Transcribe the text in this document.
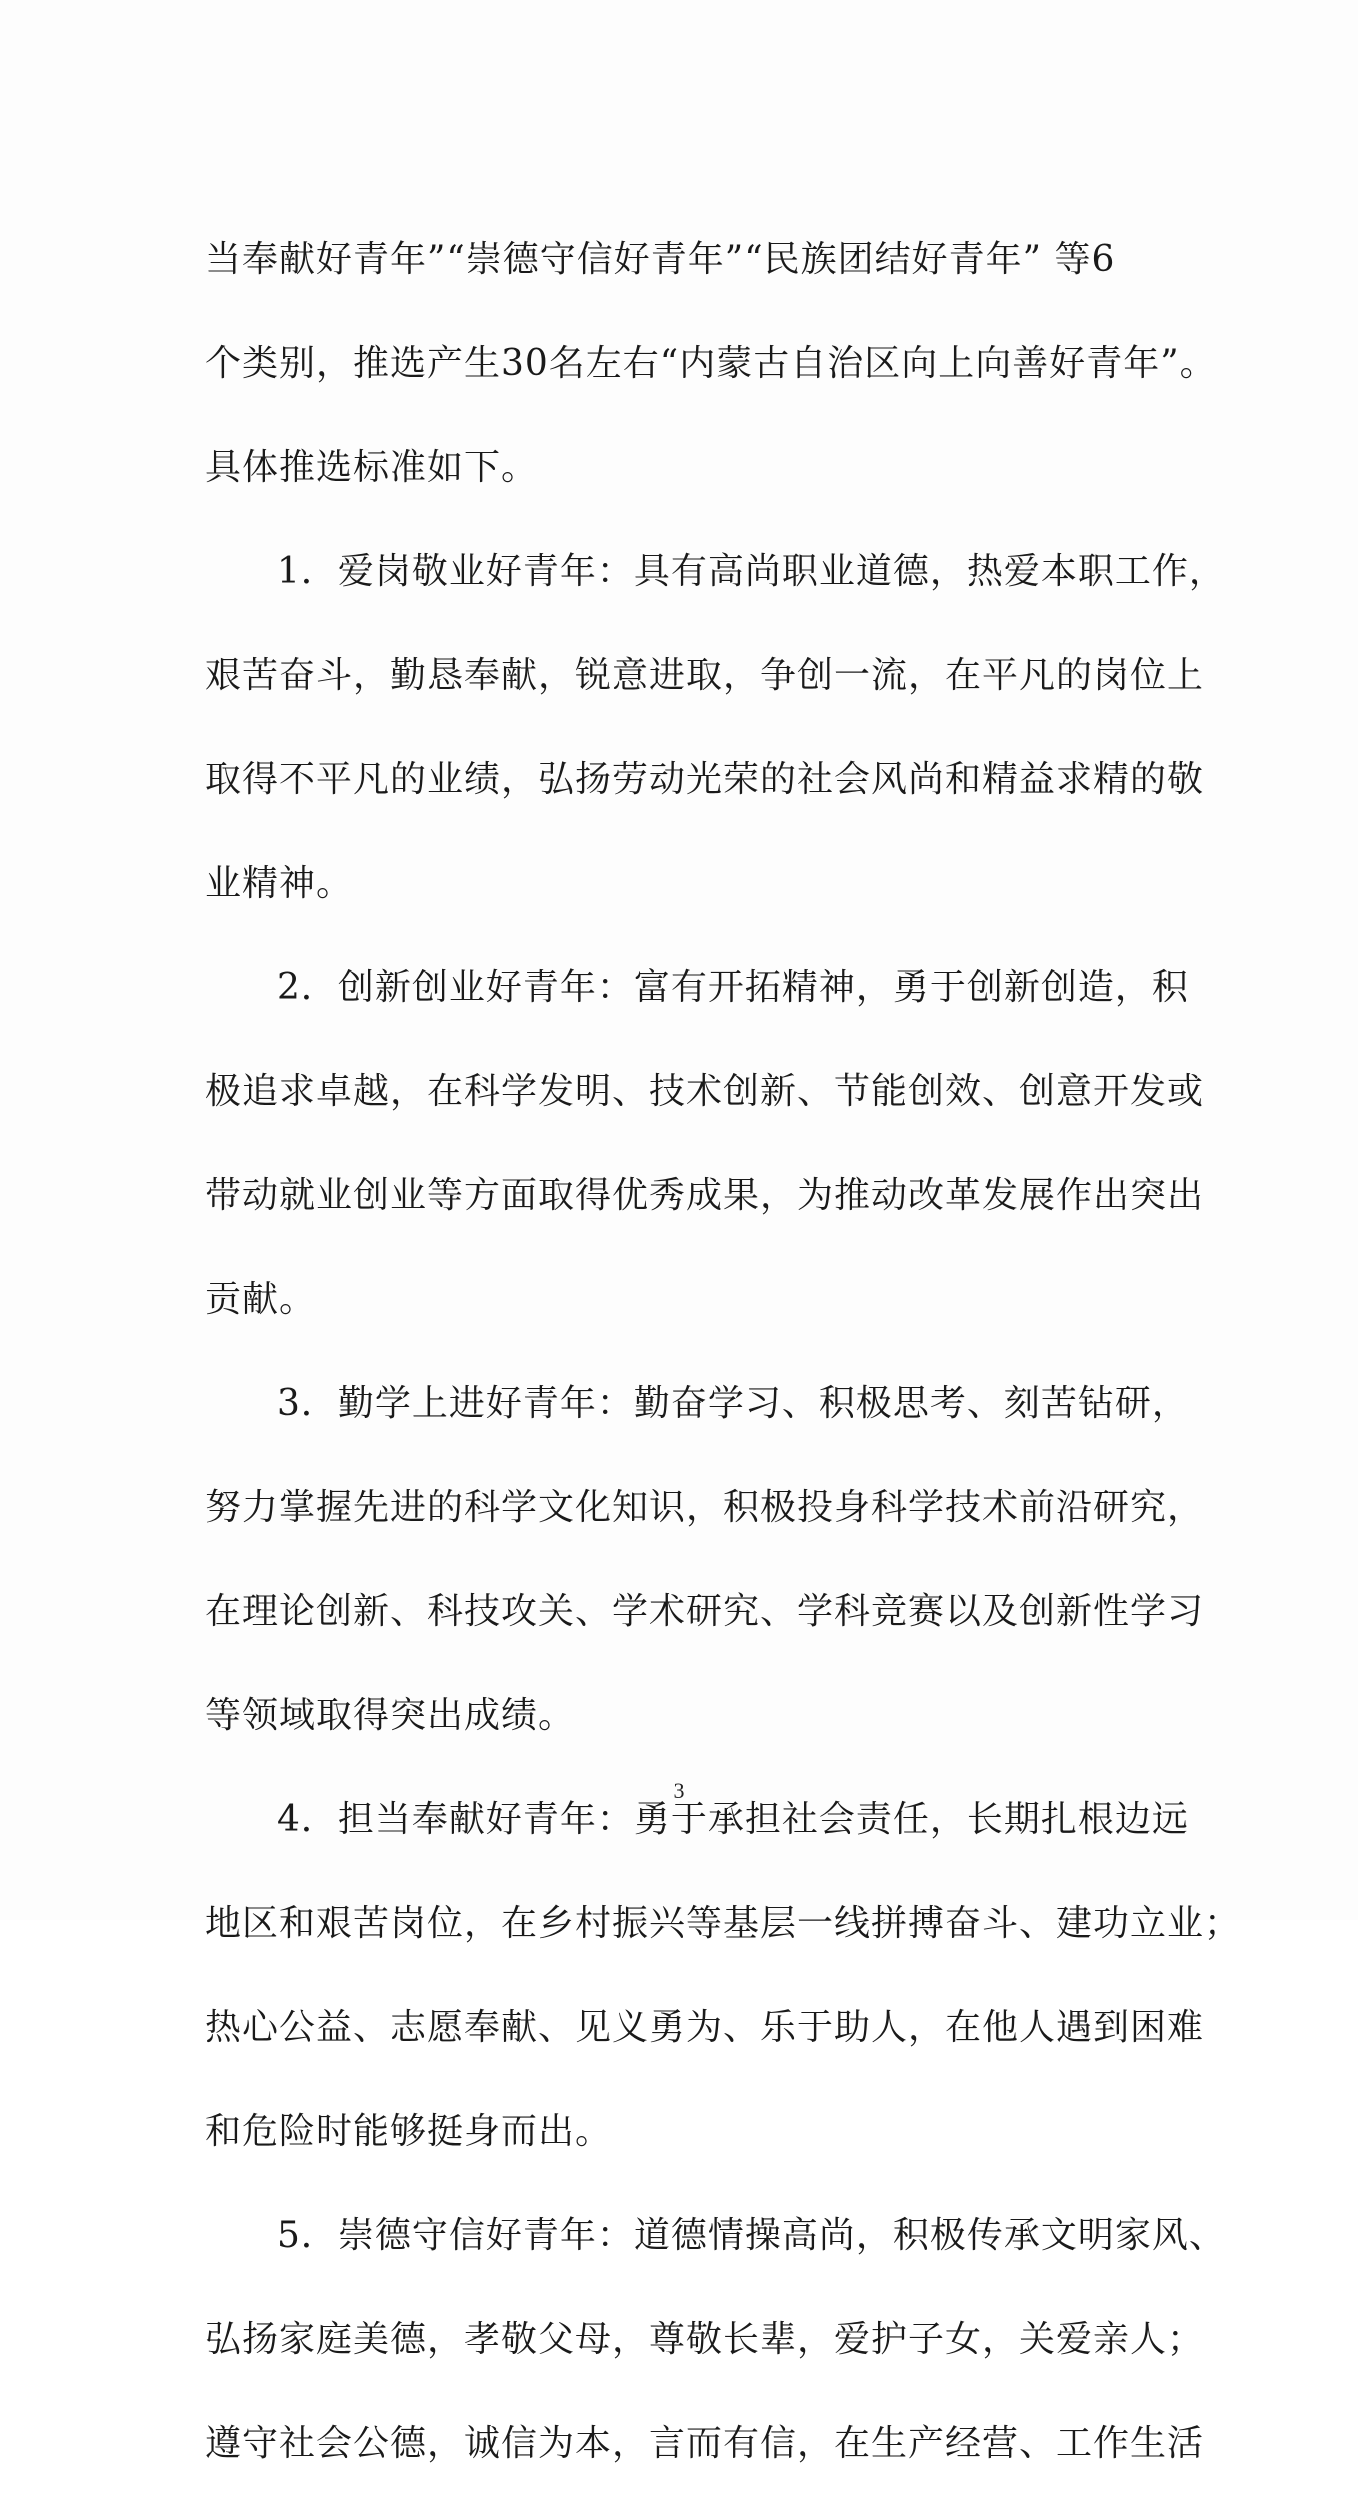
当奉献好青年”“崇德守信好青年”“民族团结好青年” 等6
个类别，推选产生30名左右“内蒙古自治区向上向善好青年”。
具体推选标准如下。
1．爱岗敬业好青年：具有高尚职业道德，热爱本职工作，
艰苦奋斗，勤恳奉献，锐意进取，争创一流，在平凡的岗位上
取得不平凡的业绩，弘扬劳动光荣的社会风尚和精益求精的敬
业精神。
2．创新创业好青年：富有开拓精神，勇于创新创造，积
极追求卓越，在科学发明、技术创新、节能创效、创意开发或
带动就业创业等方面取得优秀成果，为推动改革发展作出突出
贡献。
3．勤学上进好青年：勤奋学习、积极思考、刻苦钻研，
努力掌握先进的科学文化知识，积极投身科学技术前沿研究，
在理论创新、科技攻关、学术研究、学科竞赛以及创新性学习
等领域取得突出成绩。
4．担当奉献好青年：勇于承担社会责任，长期扎根边远
地区和艰苦岗位，在乡村振兴等基层一线拼搏奋斗、建功立业；
热心公益、志愿奉献、见义勇为、乐于助人，在他人遇到困难
和危险时能够挺身而出。
5．崇德守信好青年：道德情操高尚，积极传承文明家风、
弘扬家庭美德，孝敬父母，尊敬长辈，爱护子女，关爱亲人；
遵守社会公德，诚信为本，言而有信，在生产经营、工作生活
3
